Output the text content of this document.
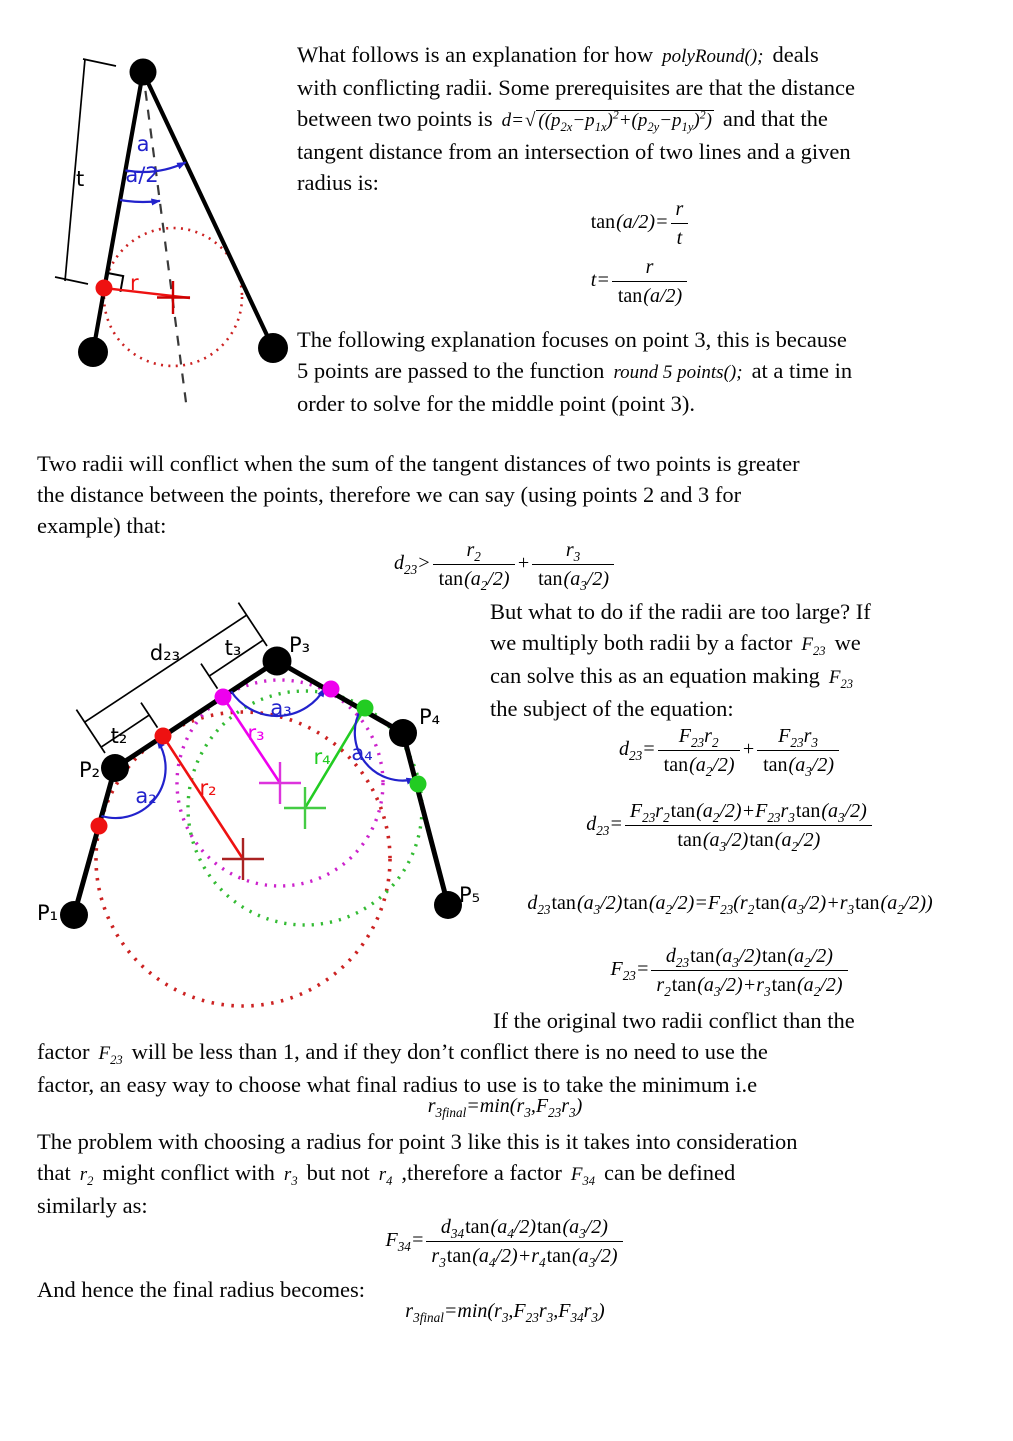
t
r
a
a/2
What follows is an explanation for how polyRound(); deals
with conflicting radii. Some prerequisites are that the distance
between two points is d=√ $((p_{2x}-p_{1x})^2+(p_{2y}-p_{1y})^2)$ and that the
tangent distance from an intersection of two lines and a given
radius is:
$\tan(a/2)= \frac{r}{t}$
$t= \frac{r}{\tan(a/2)}$
The following explanation focuses on point 3, this is because
5 points are passed to the function round 5 points(); at a time in
order to solve for the middle point (point 3).
Two radii will conflict when the sum of the tangent distances of two points is greater
the distance between the points, therefore we can say (using points 2 and 3 for
example) that:
$d_{23}> \frac{r_2}{\tan(a_2/2)} + \frac{r_3}{\tan(a_3/2)}$
d₂₃ t₃
t₂
P₁
P₂
P₃
P₄
P₅
a₂
a₃
a₄
r₂
r₃
r₄
But what to do if the radii are too large? If
we multiply both radii by a factor $F_{23}$ we
can solve this as an equation making $F_{23}$
the subject of the equation:
$d_{23}= \frac{F_{23}r_2}{\tan(a_2/2)} + \frac{F_{23}r_3}{\tan(a_3/2)}$
$d_{23}= \frac{F_{23}r_2\tan(a_2/2)+F_{23}r_3\tan(a_3/2)}{\tan(a_3/2)\tan(a_2/2)}$
$d_{23}\tan(a_3/2)\tan(a_2/2)=F_{23}(r_2\tan(a_3/2)+r_3\tan(a_2/2))$
$F_{23}= \frac{d_{23}\tan(a_3/2)\tan(a_2/2)}{r_2\tan(a_3/2)+r_3\tan(a_2/2)}$
If the original two radii conflict than the
factor $F_{23}$ will be less than 1, and if they don’t conflict there is no need to use the
factor, an easy way to choose what final radius to use is to take the minimum i.e
$r_{3final}=\min(r_3,F_{23}r_3)$
The problem with choosing a radius for point 3 like this is it takes into consideration
that $r_2$ might conflict with $r_3$ but not $r_4$ ,therefore a factor $F_{34}$ can be defined
similarly as:
$F_{34}= \frac{d_{34}\tan(a_4/2)\tan(a_3/2)}{r_3\tan(a_4/2)+r_4\tan(a_3/2)}$
And hence the final radius becomes:
$r_{3final}=\min(r_3,F_{23}r_3,F_{34}r_3)$
